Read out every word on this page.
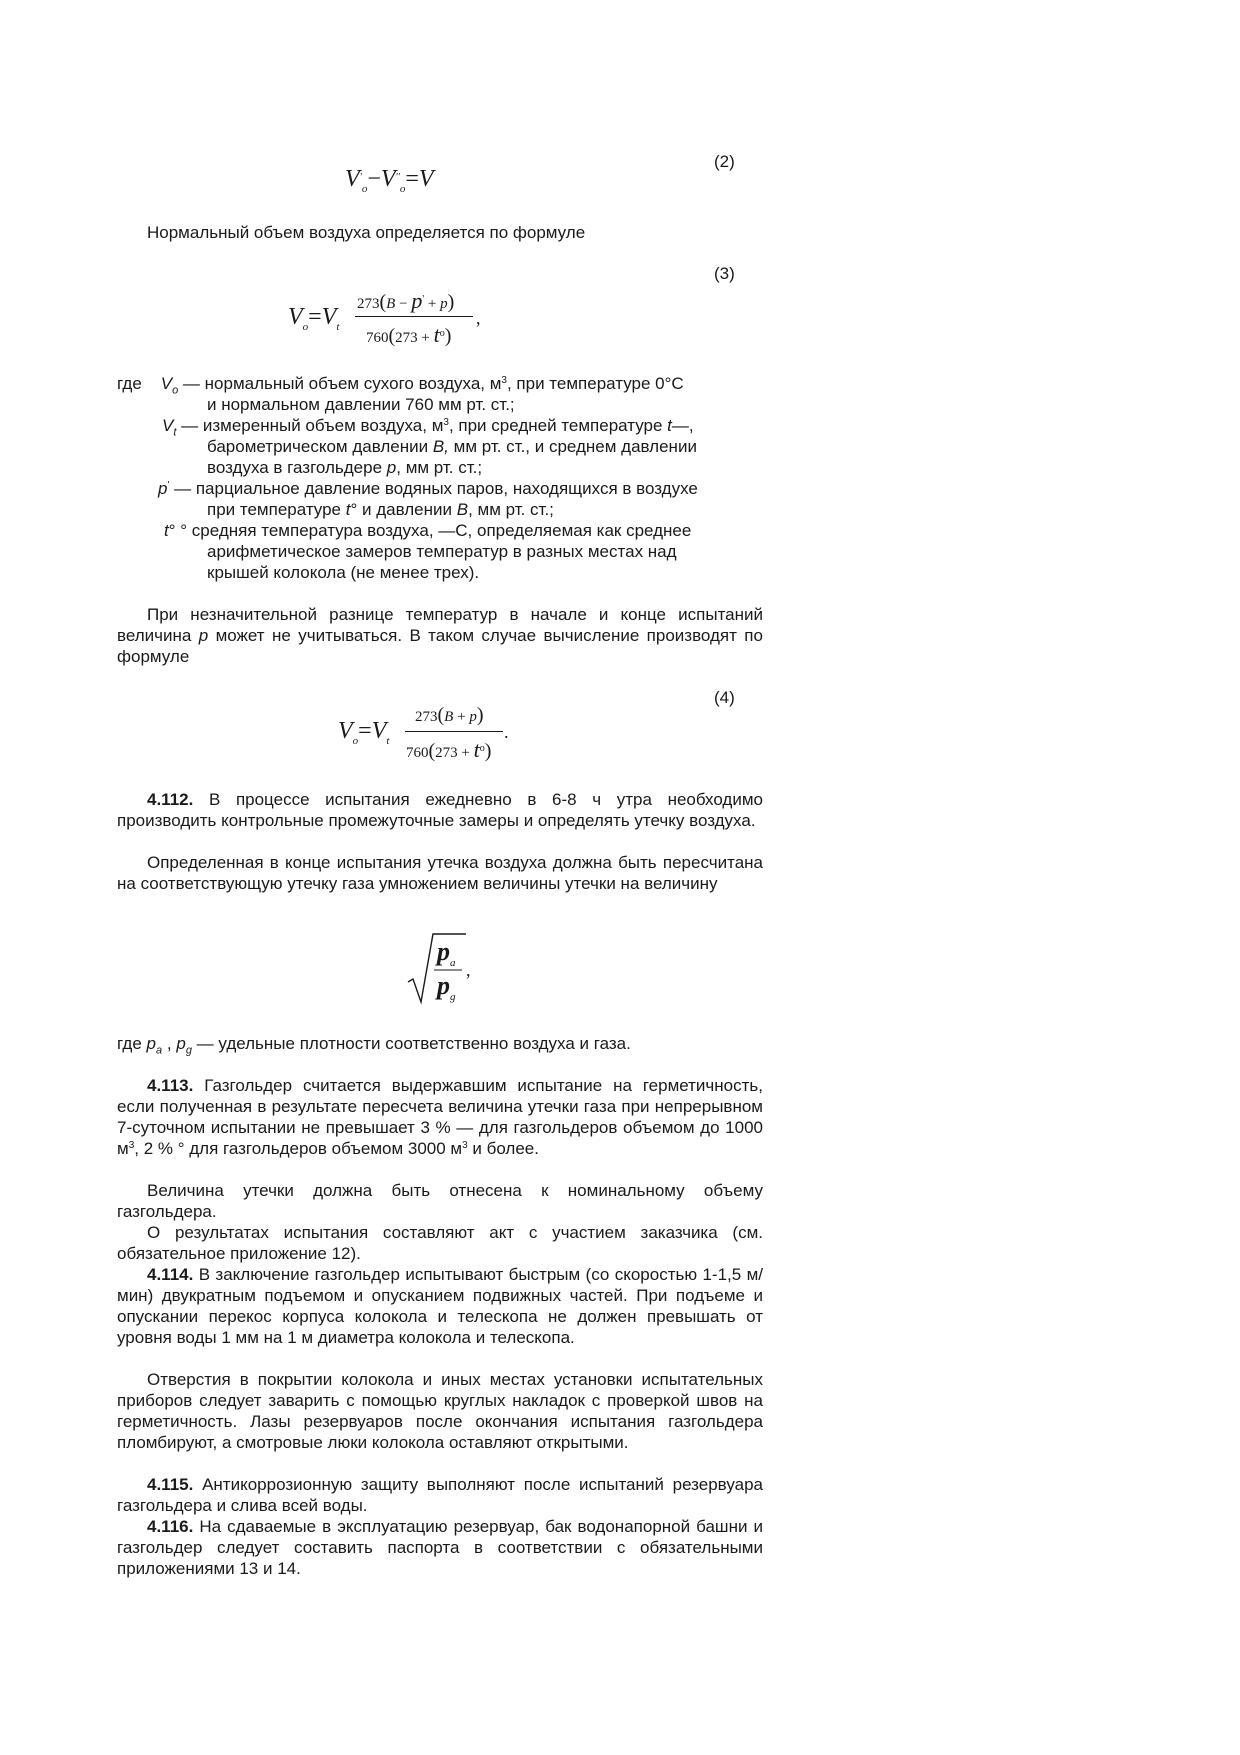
(2)
$V'_o-V''_o=V$
Нормальный объем воздуха определяется по формуле
(3)
$V_o=V_t$
273(B − p' + p)
$760(273 + t^o)$
,
где $V_o$ — нормальный объем сухого воздуха, $м^3$, при температуре 0°С
и нормальном давлении 760 мм рт. ст.;
$V_t$ — измеренный объем воздуха, $м^3$, при средней температуре t—,
барометрическом давлении B, мм рт. ст., и среднем давлении
воздуха в газгольдере p, мм рт. ст.;
p' — парциальное давление водяных паров, находящихся в воздухе
при температуре t° и давлении B, мм рт. ст.;
t° ° средняя температура воздуха, —С, определяемая как среднее
арифметическое замеров температур в разных местах над
крышей колокола (не менее трех).
При незначительной разнице температур в начале и конце испытаний величина p может не учитываться. В таком случае вычисление производят по формуле
(4)
$V_o=V_t$
273(B + p)
$760(273 + t^o)$
.
4.112. В процессе испытания ежедневно в 6-8 ч утра необходимо производить контрольные промежуточные замеры и определять утечку воздуха.
Определенная в конце испытания утечка воздуха должна быть пересчитана на соответствующую утечку газа умножением величины утечки на величину
$p_a$
$p_g$
,
где $p_a$ , $p_g$ — удельные плотности соответственно воздуха и газа.
4.113. Газгольдер считается выдержавшим испытание на герметичность, если полученная в результате пересчета величина утечки газа при непрерывном 7-суточном испытании не превышает 3 % — для газгольдеров объемом до 1000 $м^3$, 2 % ° для газгольдеров объемом 3000 $м^3$ и более.
Величина утечки должна быть отнесена к номинальному объему газгольдера.
О результатах испытания составляют акт с участием заказчика (см. обязательное приложение 12).
4.114. В заключение газгольдер испытывают быстрым (со скоростью 1-1,5 м/мин) двукратным подъемом и опусканием подвижных частей. При подъеме и опускании перекос корпуса колокола и телескопа не должен превышать от уровня воды 1 мм на 1 м диаметра колокола и телескопа.
Отверстия в покрытии колокола и иных местах установки испытательных приборов следует заварить с помощью круглых накладок с проверкой швов на герметичность. Лазы резервуаров после окончания испытания газгольдера пломбируют, а смотровые люки колокола оставляют открытыми.
4.115. Антикоррозионную защиту выполняют после испытаний резервуара газгольдера и слива всей воды.
4.116. На сдаваемые в эксплуатацию резервуар, бак водонапорной башни и газгольдер следует составить паспорта в соответствии с обязательными приложениями 13 и 14.
